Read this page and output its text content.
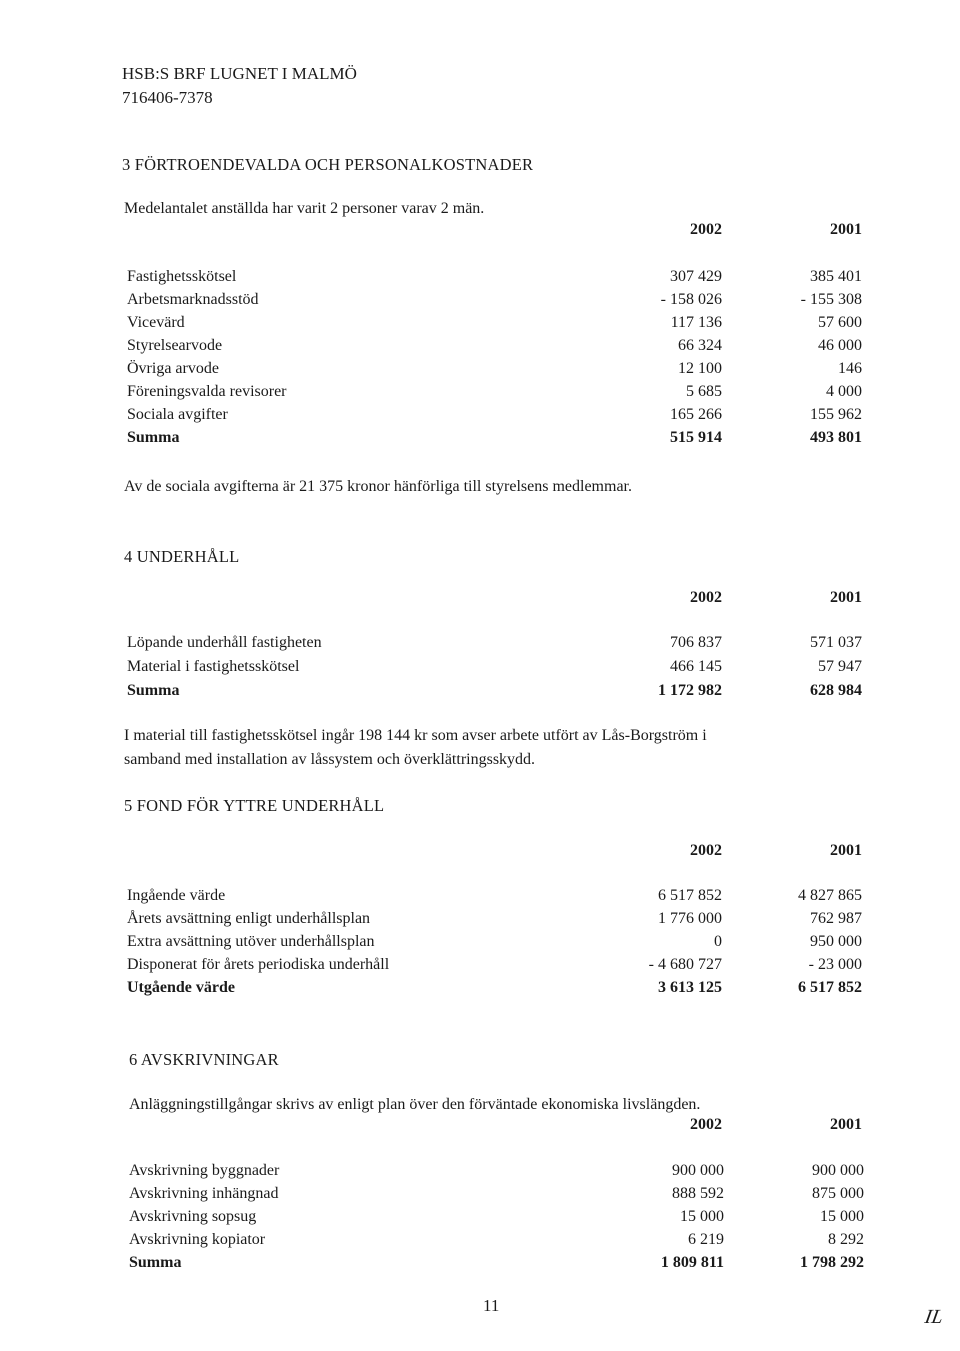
HSB:S BRF LUGNET I MALMÖ
716406-7378
3 FÖRTROENDEVALDA OCH PERSONALKOSTNADER
Medelantalet anställda har varit 2 personer varav 2 män.
2002	2001
Fastighetsskötsel	307 429	385 401
Arbetsmarknadsstöd	- 158 026	- 155 308
Vicevärd	117 136	57 600
Styrelsearvode	66 324	46 000
Övriga arvode	12 100	146
Föreningsvalda revisorer	5 685	4 000
Sociala avgifter	165 266	155 962
Summa	515 914	493 801
Av de sociala avgifterna är 21 375 kronor hänförliga till styrelsens medlemmar.
4 UNDERHÅLL
2002	2001
Löpande underhåll fastigheten	706 837	571 037
Material i fastighetsskötsel	466 145	57 947
Summa	1 172 982	628 984
I material till fastighetsskötsel ingår 198 144 kr som avser arbete utfört av Lås-Borgström i
samband med installation av låssystem och överklättringsskydd.
5 FOND FÖR YTTRE UNDERHÅLL
2002	2001
Ingående värde	6 517 852	4 827 865
Årets avsättning enligt underhållsplan	1 776 000	762 987
Extra avsättning utöver underhållsplan	0	950 000
Disponerat för årets periodiska underhåll	- 4 680 727	- 23 000
Utgående värde	3 613 125	6 517 852
6 AVSKRIVNINGAR
Anläggningstillgångar skrivs av enligt plan över den förväntade ekonomiska livslängden.
2002	2001
Avskrivning byggnader	900 000	900 000
Avskrivning inhängnad	888 592	875 000
Avskrivning sopsug	15 000	15 000
Avskrivning kopiator	6 219	8 292
Summa	1 809 811	1 798 292
11
IL
